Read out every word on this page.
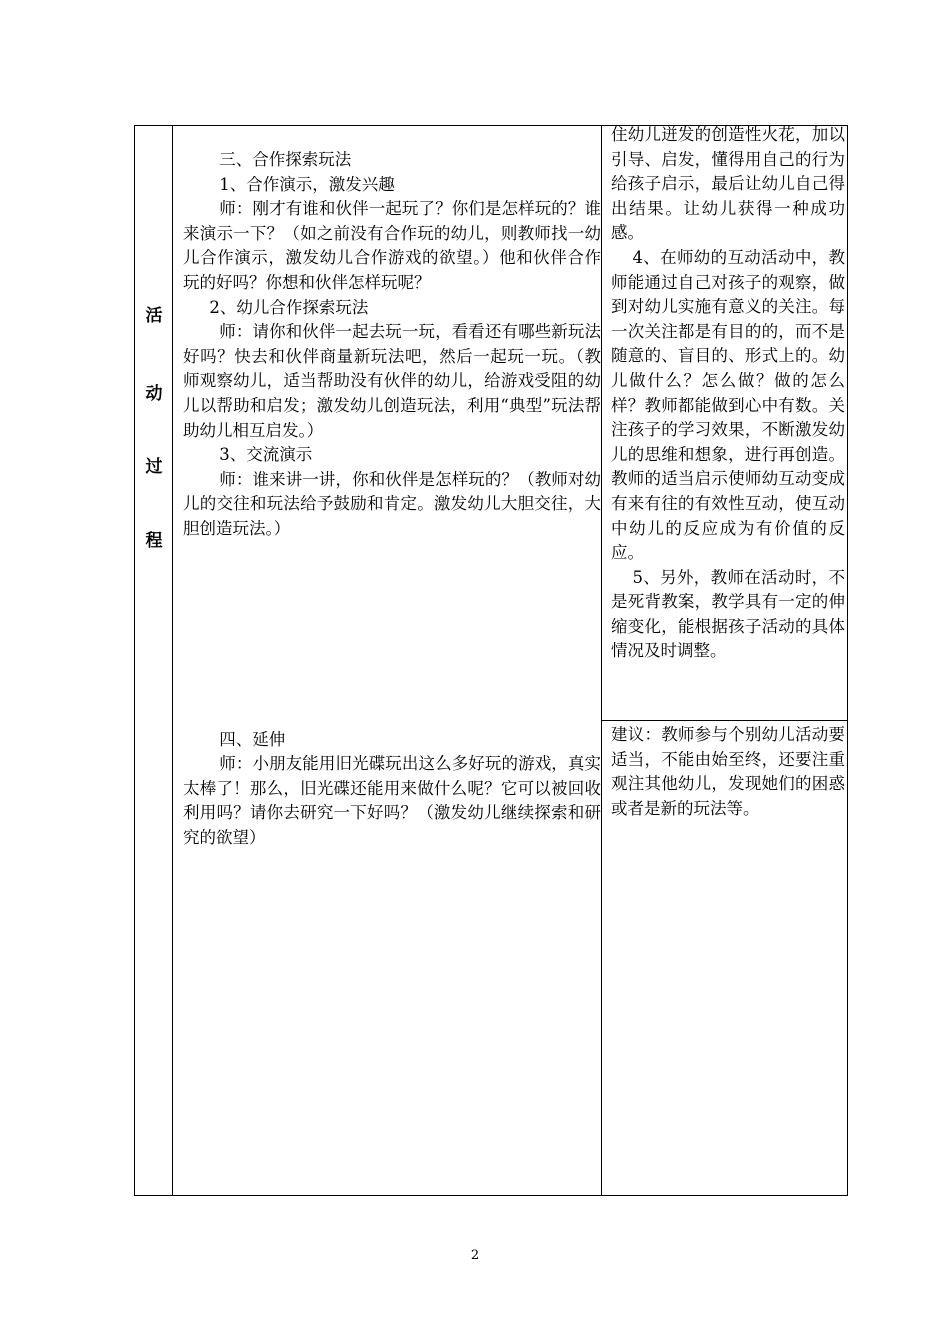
活
动
过
程

三、合作探索玩法

1、合作演示，激发兴趣

师：刚才有谁和伙伴一起玩了？你们是怎样玩的？谁来演示一下？（如之前没有合作玩的幼儿，则教师找一幼儿合作演示，激发幼儿合作游戏的欲望。）他和伙伴合作玩的好吗？你想和伙伴怎样玩呢？

2、幼儿合作探索玩法

师：请你和伙伴一起去玩一玩，看看还有哪些新玩法好吗？快去和伙伴商量新玩法吧，然后一起玩一玩。（教师观察幼儿，适当帮助没有伙伴的幼儿，给游戏受阻的幼儿以帮助和启发；激发幼儿创造玩法，利用“典型”玩法帮助幼儿相互启发。）

3、交流演示

师：谁来讲一讲，你和伙伴是怎样玩的？（教师对幼儿的交往和玩法给予鼓励和肯定。激发幼儿大胆交往，大胆创造玩法。）

四、延伸

师：小朋友能用旧光碟玩出这么多好玩的游戏，真实太棒了！那么，旧光碟还能用来做什么呢？它可以被回收利用吗？请你去研究一下好吗？（激发幼儿继续探索和研究的欲望）

住幼儿迸发的创造性火花，加以引导、启发，懂得用自己的行为给孩子启示，最后让幼儿自己得出结果。让幼儿获得一种成功感。

4、在师幼的互动活动中，教师能通过自己对孩子的观察，做到对幼儿实施有意义的关注。每一次关注都是有目的的，而不是随意的、盲目的、形式上的。幼儿做什么？怎么做？做的怎么样？教师都能做到心中有数。关注孩子的学习效果，不断激发幼儿的思维和想象，进行再创造。教师的适当启示使师幼互动变成有来有往的有效性互动，使互动中幼儿的反应成为有价值的反应。

5、另外，教师在活动时，不是死背教案，教学具有一定的伸缩变化，能根据孩子活动的具体情况及时调整。

建议：教师参与个别幼儿活动要适当，不能由始至终，还要注重观注其他幼儿，发现她们的困惑或者是新的玩法等。

2
